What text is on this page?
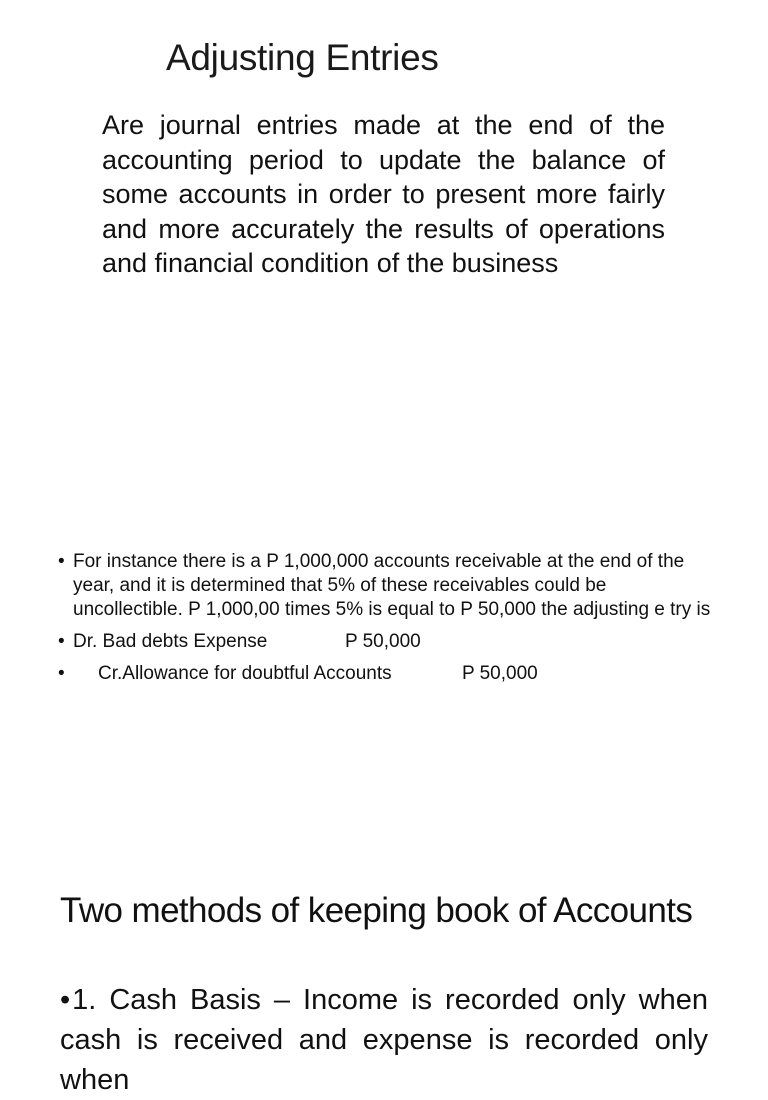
Adjusting Entries

Are journal entries made at the end of the accounting period to update the balance of some accounts in order to present more fairly and more accurately the results of operations and financial condition of the business

• For instance there is a P 1,000,000 accounts receivable at the end of the year, and it is determined that 5% of these receivables could be uncollectible. P 1,000,00 times 5% is equal to P 50,000 the adjusting e try is
• Dr. Bad debts Expense	P 50,000
•	Cr.Allowance for doubtful Accounts	P 50,000
Two methods of keeping book of Accounts

•1. Cash Basis – Income is recorded only when cash is received and expense is recorded only when
